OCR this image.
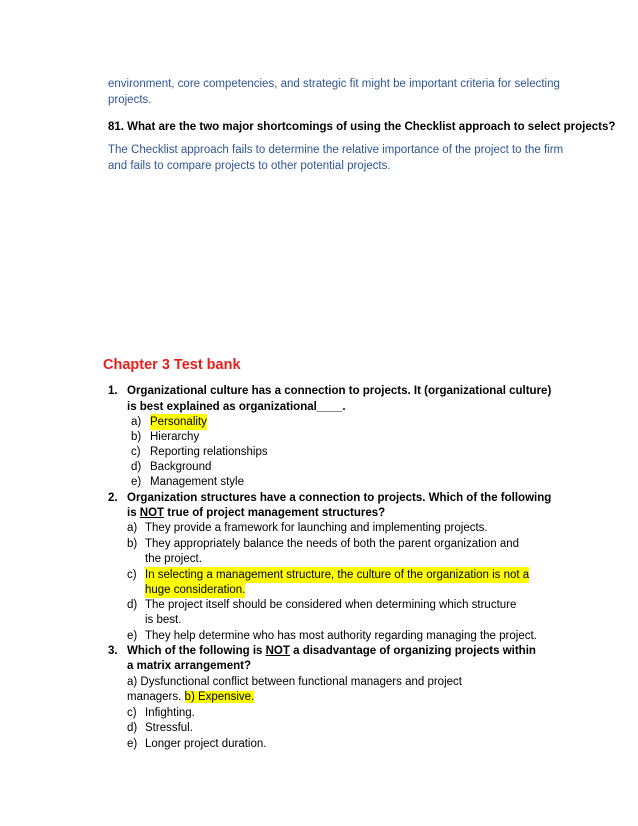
environment, core competencies, and strategic fit might be important criteria for selecting

projects.

81. What are the two major shortcomings of using the Checklist approach to select projects?

The Checklist approach fails to determine the relative importance of the project to the firm

and fails to compare projects to other potential projects.

Chapter 3 Test bank
1. Organizational culture has a connection to projects. It (organizational culture)
is best explained as organizational____.
a) Personality
b) Hierarchy
c) Reporting relationships
d) Background
e) Management style
2. Organization structures have a connection to projects. Which of the following
is NOT true of project management structures?
a) They provide a framework for launching and implementing projects.
b) They appropriately balance the needs of both the parent organization and
the project.
c) In selecting a management structure, the culture of the organization is not a
huge consideration.
d) The project itself should be considered when determining which structure
is best.
e) They help determine who has most authority regarding managing the project.
3. Which of the following is NOT a disadvantage of organizing projects within
a matrix arrangement?
a) Dysfunctional conflict between functional managers and project
managers. b) Expensive.
c) Infighting.
d) Stressful.
e) Longer project duration.
